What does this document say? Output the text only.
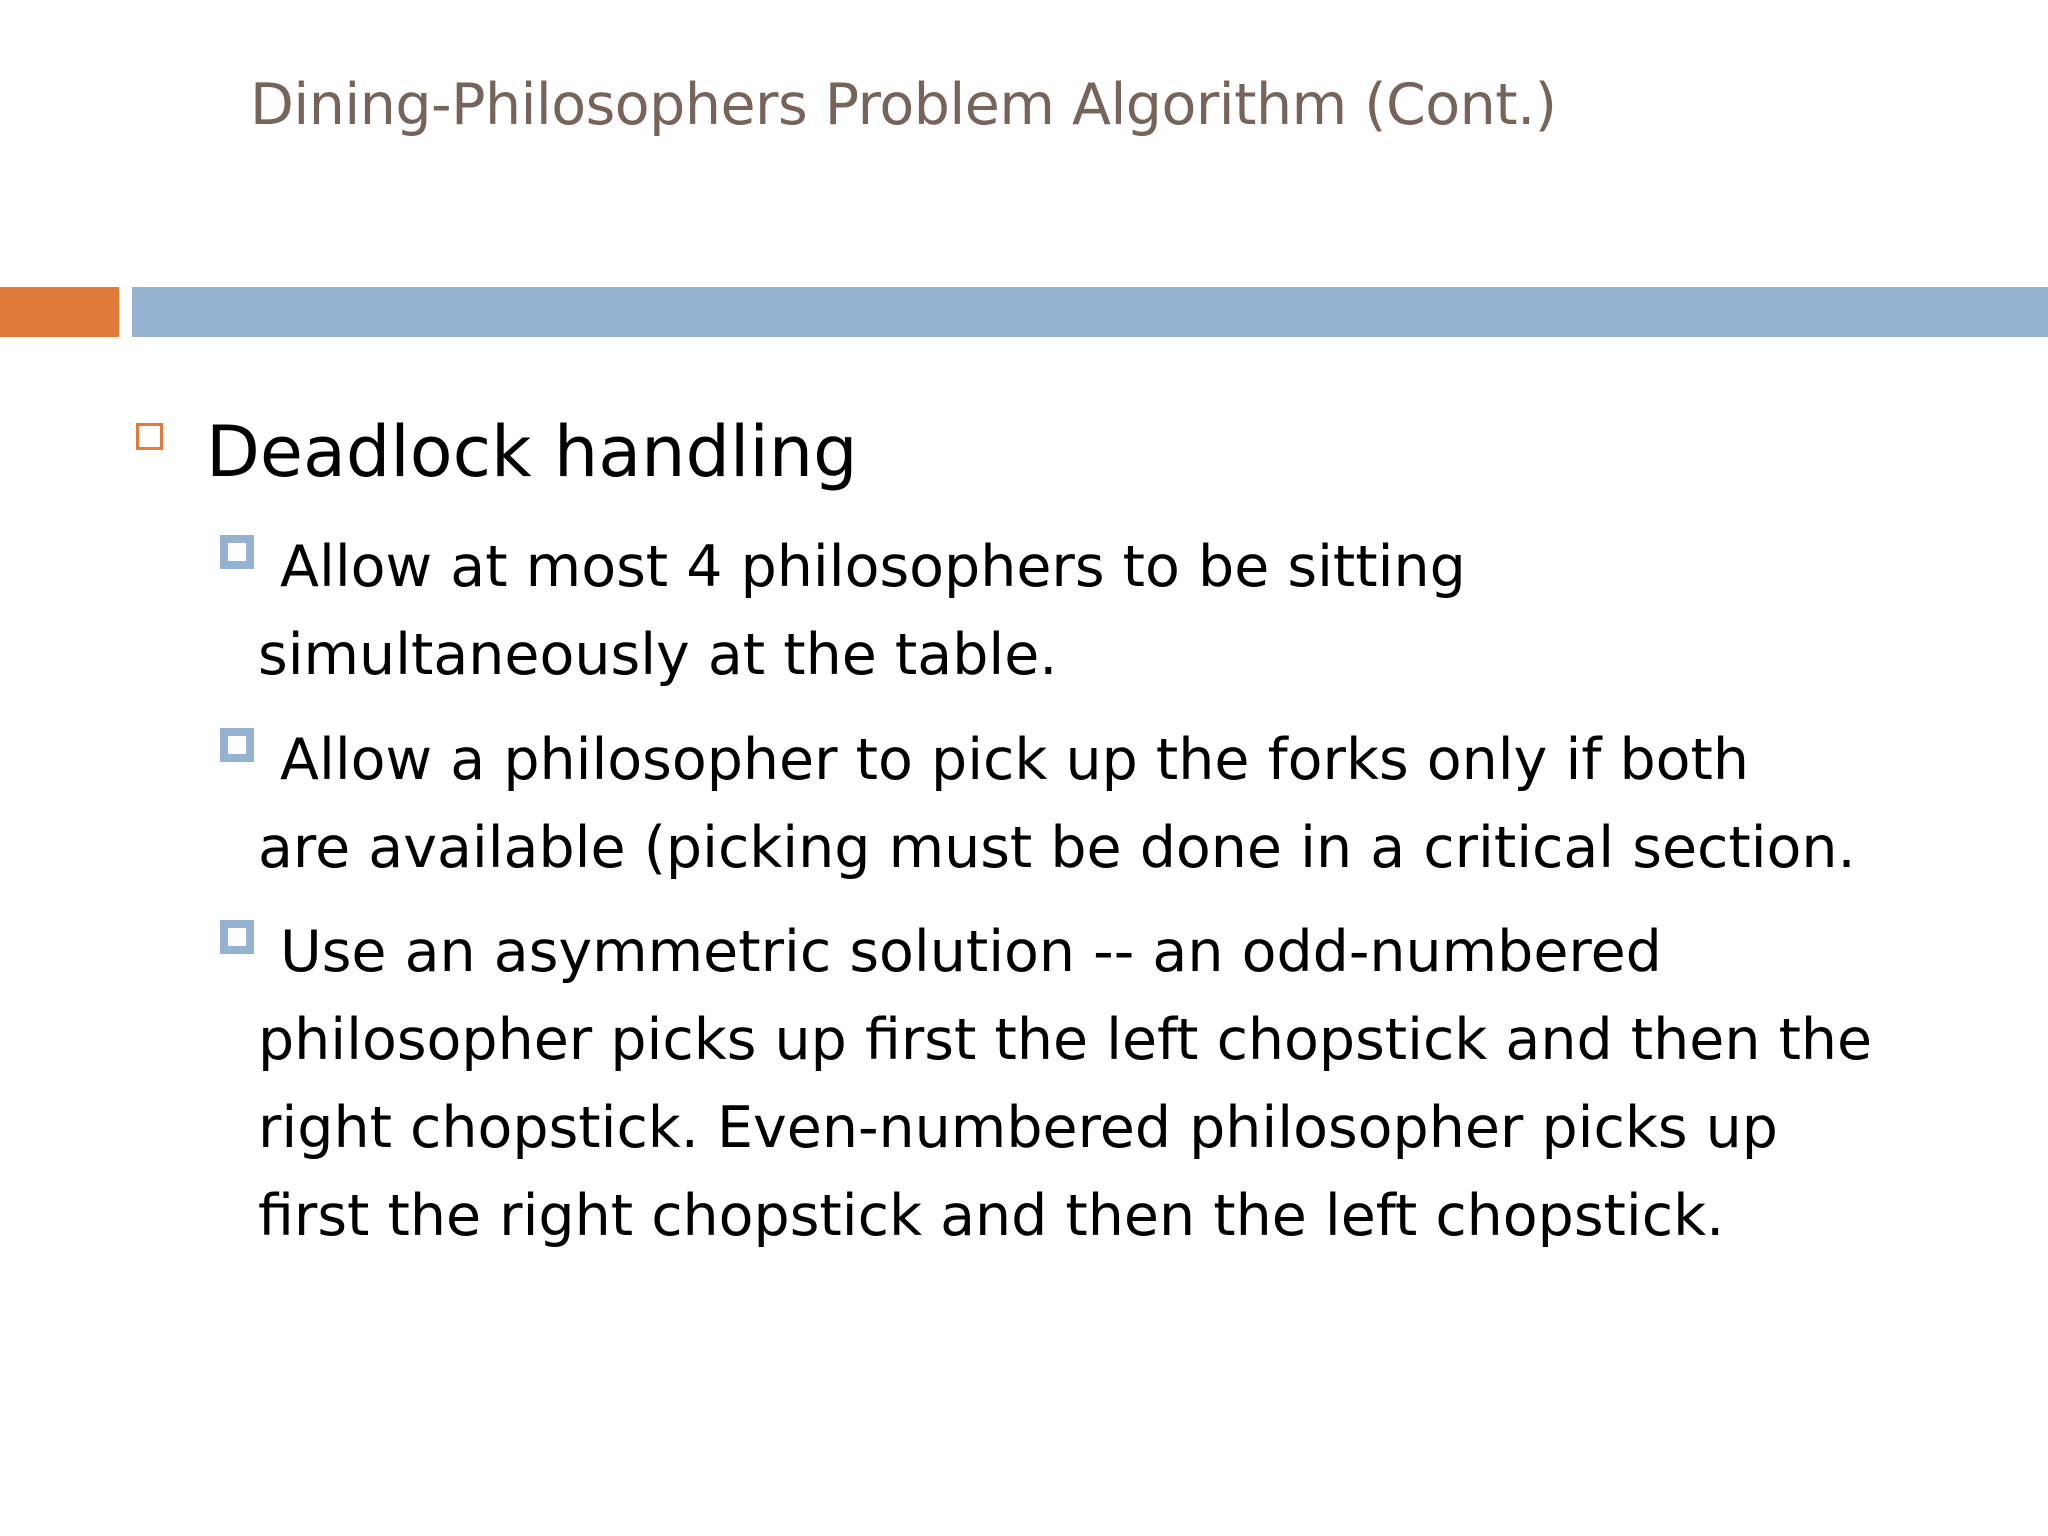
Dining-Philosophers Problem Algorithm (Cont.)
Deadlock handling
Allow at most 4 philosophers to be sitting
simultaneously at the table.
Allow a philosopher to pick up the forks only if both
are available (picking must be done in a critical section.
Use an asymmetric solution -- an odd-numbered
philosopher picks up first the left chopstick and then the
right chopstick. Even-numbered philosopher picks up
first the right chopstick and then the left chopstick.
